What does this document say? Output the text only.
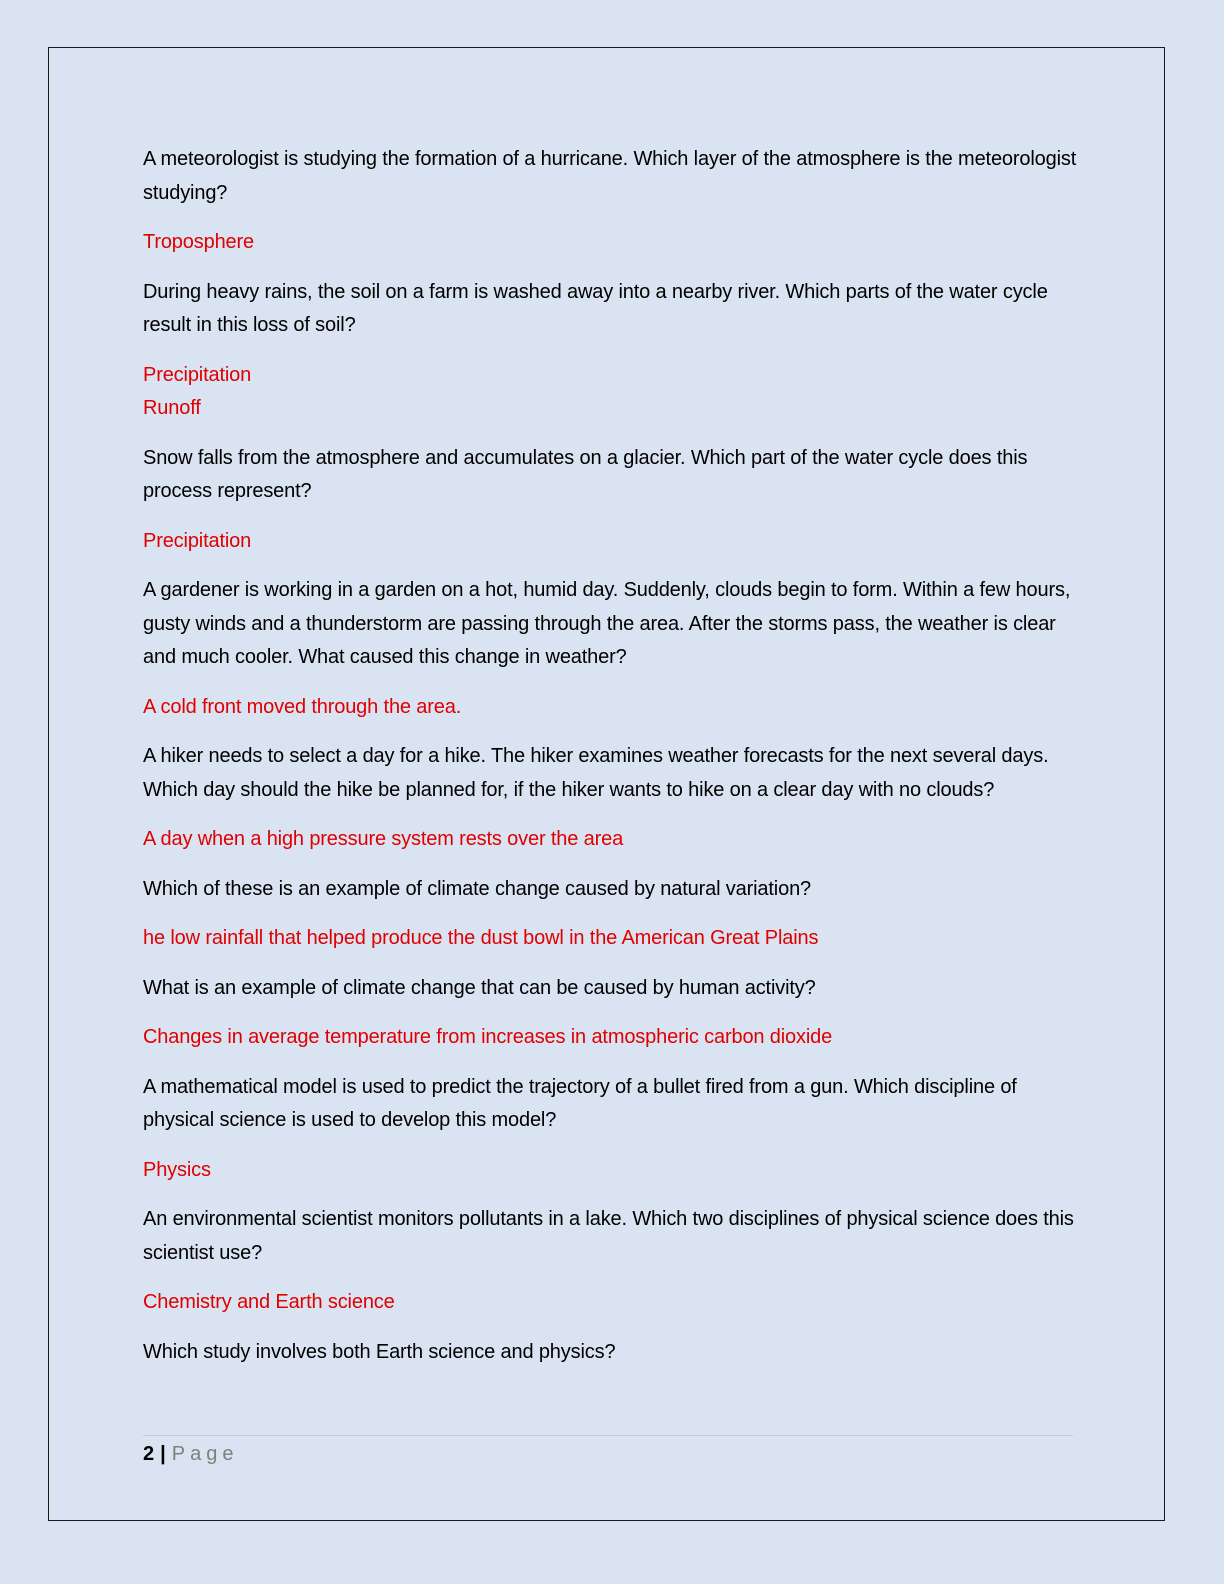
A meteorologist is studying the formation of a hurricane. Which layer of the atmosphere is the meteorologist studying?

Troposphere

During heavy rains, the soil on a farm is washed away into a nearby river. Which parts of the water cycle result in this loss of soil?

Precipitation
Runoff

Snow falls from the atmosphere and accumulates on a glacier. Which part of the water cycle does this process represent?

Precipitation

A gardener is working in a garden on a hot, humid day. Suddenly, clouds begin to form. Within a few hours, gusty winds and a thunderstorm are passing through the area. After the storms pass, the weather is clear and much cooler. What caused this change in weather?

A cold front moved through the area.

A hiker needs to select a day for a hike. The hiker examines weather forecasts for the next several days. Which day should the hike be planned for, if the hiker wants to hike on a clear day with no clouds?

A day when a high pressure system rests over the area

Which of these is an example of climate change caused by natural variation?

he low rainfall that helped produce the dust bowl in the American Great Plains

What is an example of climate change that can be caused by human activity?

Changes in average temperature from increases in atmospheric carbon dioxide

A mathematical model is used to predict the trajectory of a bullet fired from a gun. Which discipline of physical science is used to develop this model?

Physics

An environmental scientist monitors pollutants in a lake. Which two disciplines of physical science does this scientist use?

Chemistry and Earth science

Which study involves both Earth science and physics?

2 | Page
